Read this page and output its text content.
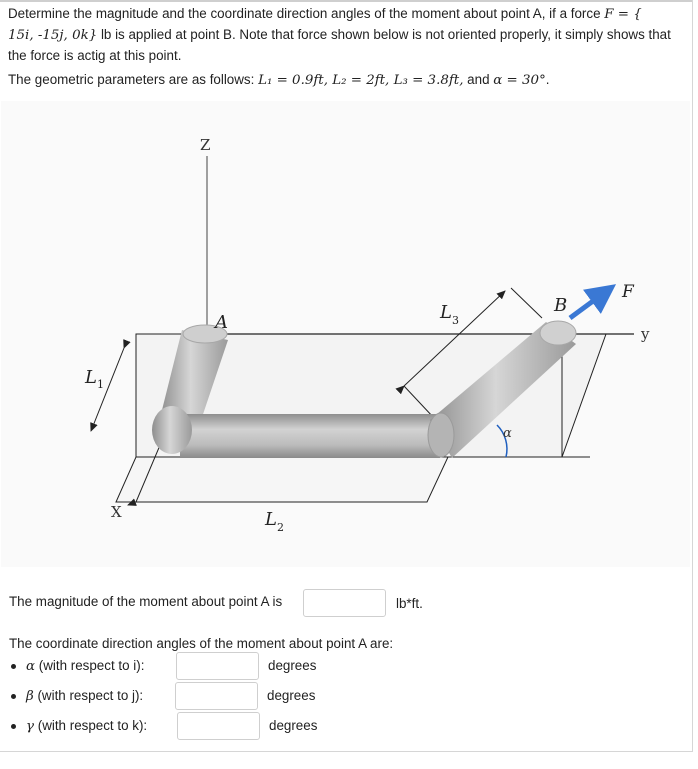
Determine the magnitude and the coordinate direction angles of the moment about point A, if a force F = {
15i, -15j, 0k} lb is applied at point B. Note that force shown below is not oriented properly, it simply shows that the force is actig at this point.
The geometric parameters are as follows: L₁ = 0.9ft, L₂ = 2ft, L₃ = 3.8ft, and α = 30°.
Z
y
X
A
B
F
α
L 1
L 2
L 3
The magnitude of the moment about point A is	lb*ft.
The coordinate direction angles of the moment about point A are:
α (with respect to i):	degrees
β (with respect to j):	degrees
γ (with respect to k):	degrees
